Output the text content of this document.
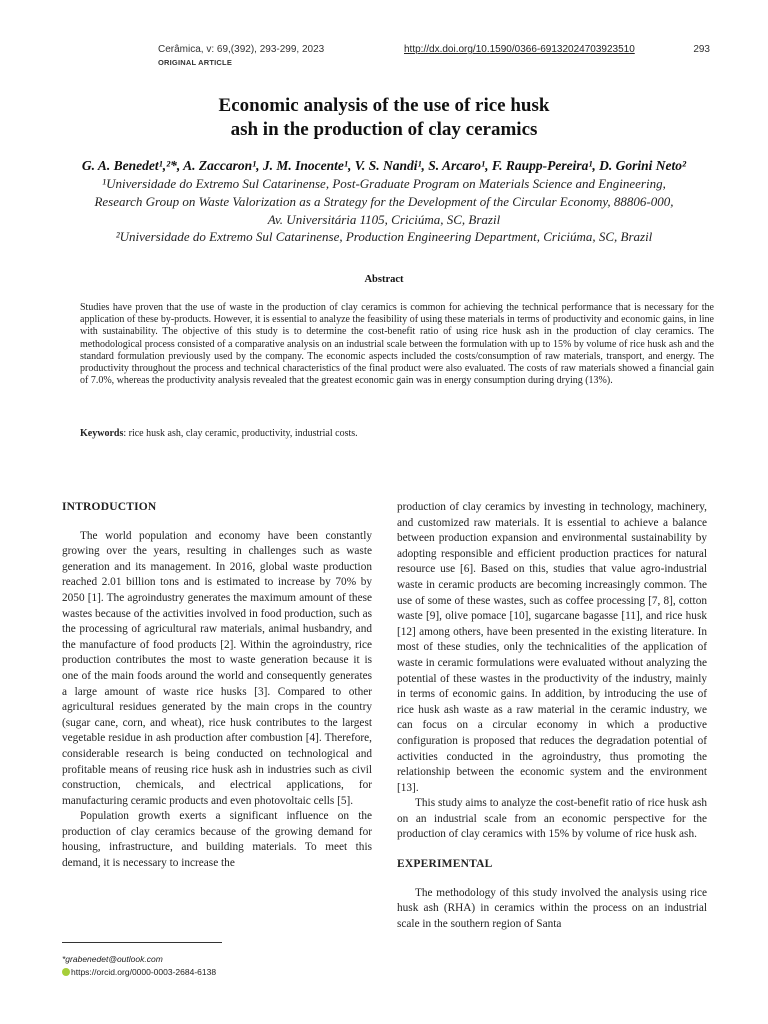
Cerâmica, v: 69,(392), 293-299, 2023
ORIGINAL ARTICLE
http://dx.doi.org/10.1590/0366-69132024703923510	293
Economic analysis of the use of rice husk
ash in the production of clay ceramics
G. A. Benedet¹,²*, A. Zaccaron¹, J. M. Inocente¹, V. S. Nandi¹, S. Arcaro¹, F. Raupp-Pereira¹, D. Gorini Neto²
¹Universidade do Extremo Sul Catarinense, Post-Graduate Program on Materials Science and Engineering,
Research Group on Waste Valorization as a Strategy for the Development of the Circular Economy, 88806-000,
Av. Universitária 1105, Criciúma, SC, Brazil
²Universidade do Extremo Sul Catarinense, Production Engineering Department, Criciúma, SC, Brazil
Abstract
Studies have proven that the use of waste in the production of clay ceramics is common for achieving the technical performance that is necessary for the application of these by-products. However, it is essential to analyze the feasibility of using these materials in terms of productivity and economic gains, in line with sustainability. The objective of this study is to determine the cost-benefit ratio of using rice husk ash in the production of clay ceramics. The methodological process consisted of a comparative analysis on an industrial scale between the formulation with up to 15% by volume of rice husk ash and the standard formulation previously used by the company. The economic aspects included the costs/consumption of raw materials, transport, and energy. The productivity throughout the process and technical characteristics of the final product were also evaluated. The costs of raw materials showed a financial gain of 7.0%, whereas the productivity analysis revealed that the greatest economic gain was in energy consumption during drying (13%).
Keywords: rice husk ash, clay ceramic, productivity, industrial costs.
INTRODUCTION

The world population and economy have been constantly growing over the years, resulting in challenges such as waste generation and its management. In 2016, global waste production reached 2.01 billion tons and is estimated to increase by 70% by 2050 [1]. The agroindustry generates the maximum amount of these wastes because of the activities involved in food production, such as the processing of agricultural raw materials, animal husbandry, and the manufacture of food products [2]. Within the agroindustry, rice production contributes the most to waste generation because it is one of the main foods around the world and consequently generates a large amount of waste rice husks [3]. Compared to other agricultural residues generated by the main crops in the country (sugar cane, corn, and wheat), rice husk contributes to the largest vegetable residue in ash production after combustion [4]. Therefore, considerable research is being conducted on technological and profitable means of reusing rice husk ash in industries such as civil construction, chemicals, and electrical applications, for manufacturing ceramic products and even photovoltaic cells [5].

Population growth exerts a significant influence on the production of clay ceramics because of the growing demand for housing, infrastructure, and building materials. To meet this demand, it is necessary to increase the

production of clay ceramics by investing in technology, machinery, and customized raw materials. It is essential to achieve a balance between production expansion and environmental sustainability by adopting responsible and efficient production practices for natural resource use [6]. Based on this, studies that value agro-industrial waste in ceramic products are becoming increasingly common. The use of some of these wastes, such as coffee processing [7, 8], cotton waste [9], olive pomace [10], sugarcane bagasse [11], and rice husk [12] among others, have been presented in the existing literature. In most of these studies, only the technicalities of the application of waste in ceramic formulations were evaluated without analyzing the potential of these wastes in the productivity of the industry, mainly in terms of economic gains. In addition, by introducing the use of rice husk ash waste as a raw material in the ceramic industry, we can focus on a circular economy in which a productive configuration is proposed that reduces the degradation potential of activities conducted in the agroindustry, thus promoting the relationship between the economic system and the environment [13].

This study aims to analyze the cost-benefit ratio of rice husk ash on an industrial scale from an economic perspective for the production of clay ceramics with 15% by volume of rice husk ash.

EXPERIMENTAL

The methodology of this study involved the analysis using rice husk ash (RHA) in ceramics within the process on an industrial scale in the southern region of Santa

*grabenedet@outlook.com
https://orcid.org/0000-0003-2684-6138
